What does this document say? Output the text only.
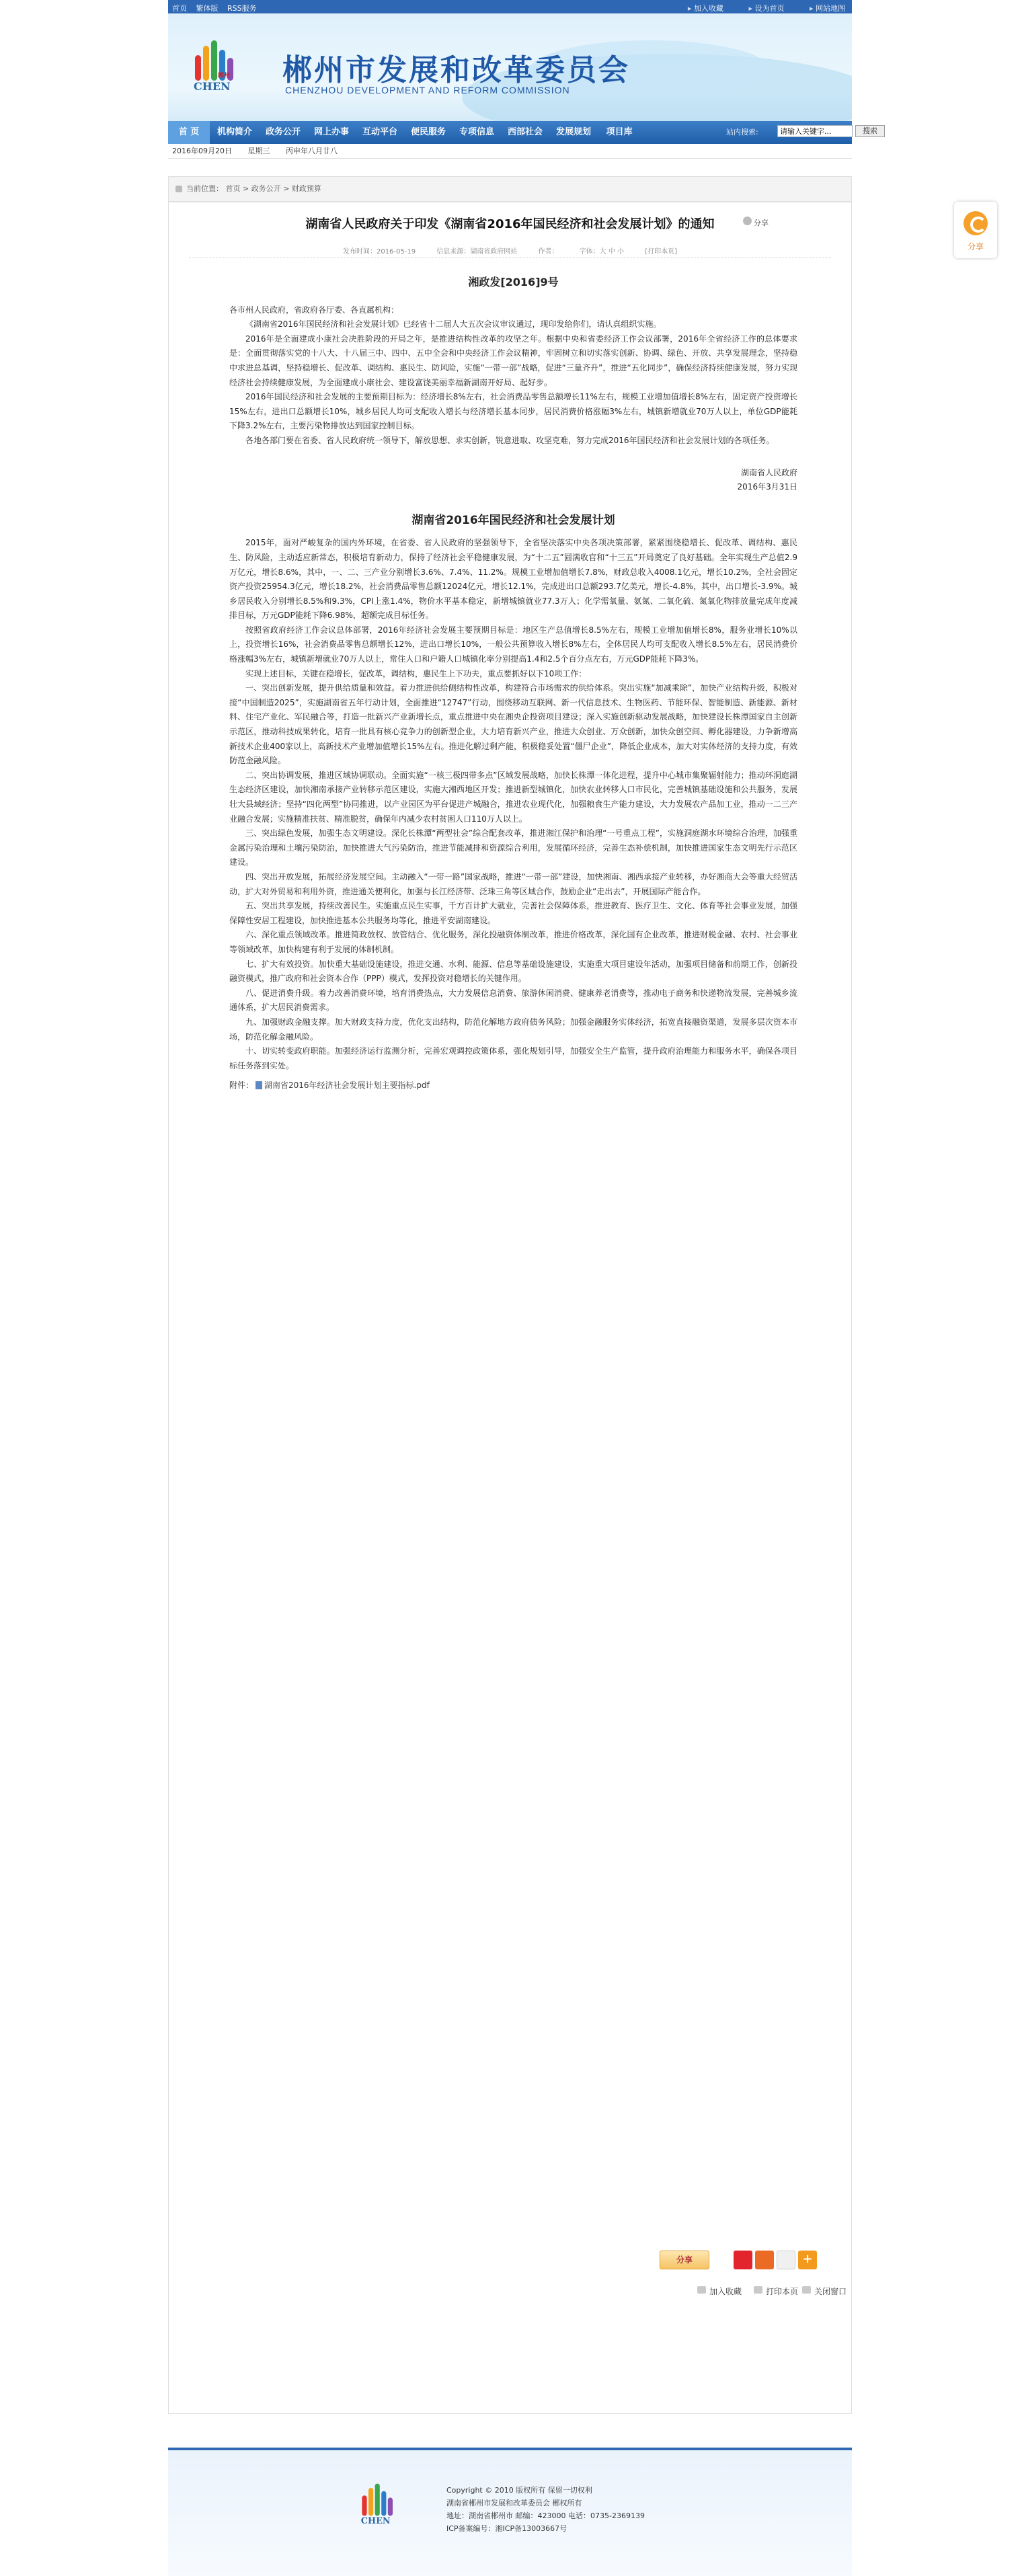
首页 繁体版 RSS服务	▸ 加入收藏	▸ 设为首页	▸ 网站地图
CHEN
郴州 郴州市发展和改革委员会
CHENZHOU DEVELOPMENT AND REFORM COMMISSION
首 页	机构简介	政务公开	网上办事	互动平台	便民服务	专项信息	西部社会	发展规划	项目库	站内搜索:
请输入关键字...	搜索
2016年09月20日 星期三 丙申年八月廿八
当前位置： 首页 > 政务公开 > 财政预算
湖南省人民政府关于印发《湖南省2016年国民经济和社会发展计划》的通知	分享
发布时间：2016-05-19	信息来源：湖南省政府网站	作者：	字体：大 中 小	[打印本页]

湘政发[2016]9号

各市州人民政府，省政府各厅委、各直属机构：

《湖南省2016年国民经济和社会发展计划》已经省十二届人大五次会议审议通过，现印发给你们，请认真组织实施。

2016年是全面建成小康社会决胜阶段的开局之年，是推进结构性改革的攻坚之年。根据中央和省委经济工作会议部署，2016年全省经济工作的总体要求是：全面贯彻落实党的十八大、十八届三中、四中、五中全会和中央经济工作会议精神，牢固树立和切实落实创新、协调、绿色、开放、共享发展理念，坚持稳中求进总基调，坚持稳增长、促改革、调结构、惠民生、防风险，实施“一带一部”战略，促进“三量齐升”，推进“五化同步”，确保经济持续健康发展，努力实现经济社会持续健康发展，为全面建成小康社会、建设富饶美丽幸福新湖南开好局、起好步。

2016年国民经济和社会发展的主要预期目标为：经济增长8%左右，社会消费品零售总额增长11%左右，规模工业增加值增长8%左右，固定资产投资增长15%左右，进出口总额增长10%，城乡居民人均可支配收入增长与经济增长基本同步，居民消费价格涨幅3%左右，城镇新增就业70万人以上，单位GDP能耗下降3.2%左右，主要污染物排放达到国家控制目标。

各地各部门要在省委、省人民政府统一领导下，解放思想、求实创新，锐意进取、攻坚克难，努力完成2016年国民经济和社会发展计划的各项任务。

湖南省人民政府

2016年3月31日

湖南省2016年国民经济和社会发展计划

2015年，面对严峻复杂的国内外环境，在省委、省人民政府的坚强领导下，全省坚决落实中央各项决策部署，紧紧围绕稳增长、促改革、调结构、惠民生、防风险，主动适应新常态，积极培育新动力，保持了经济社会平稳健康发展，为“十二五”圆满收官和“十三五”开局奠定了良好基础。全年实现生产总值2.9万亿元，增长8.6%，其中，一、二、三产业分别增长3.6%、7.4%、11.2%。规模工业增加值增长7.8%，财政总收入4008.1亿元，增长10.2%，全社会固定资产投资25954.3亿元，增长18.2%，社会消费品零售总额12024亿元，增长12.1%，完成进出口总额293.7亿美元，增长-4.8%，其中，出口增长-3.9%。城乡居民收入分别增长8.5%和9.3%，CPI上涨1.4%，物价水平基本稳定，新增城镇就业77.3万人；化学需氧量、氨氮、二氧化硫、氮氧化物排放量完成年度减排目标，万元GDP能耗下降6.98%，超额完成目标任务。

按照省政府经济工作会议总体部署，2016年经济社会发展主要预期目标是：地区生产总值增长8.5%左右，规模工业增加值增长8%，服务业增长10%以上，投资增长16%，社会消费品零售总额增长12%，进出口增长10%，一般公共预算收入增长8%左右，全体居民人均可支配收入增长8.5%左右，居民消费价格涨幅3%左右，城镇新增就业70万人以上，常住人口和户籍人口城镇化率分别提高1.4和2.5个百分点左右，万元GDP能耗下降3%。

实现上述目标，关键在稳增长，促改革，调结构，惠民生上下功夫，重点要抓好以下10项工作：

一、突出创新发展，提升供给质量和效益。着力推进供给侧结构性改革，构建符合市场需求的供给体系。突出实施“加减乘除”，加快产业结构升级，积极对接“中国制造2025”，实施湖南省五年行动计划，全面推进“12747”行动，围绕移动互联网、新一代信息技术、生物医药、节能环保、智能制造、新能源、新材料、住宅产业化、军民融合等，打造一批新兴产业新增长点，重点推进中央在湘央企投资项目建设；深入实施创新驱动发展战略，加快建设长株潭国家自主创新示范区，推动科技成果转化，培育一批具有核心竞争力的创新型企业，大力培育新兴产业，推进大众创业、万众创新，加快众创空间、孵化器建设，力争新增高新技术企业400家以上，高新技术产业增加值增长15%左右。推进化解过剩产能，积极稳妥处置“僵尸企业”，降低企业成本，加大对实体经济的支持力度，有效防范金融风险。

二、突出协调发展，推进区域协调联动。全面实施“一核三极四带多点”区域发展战略，加快长株潭一体化进程，提升中心城市集聚辐射能力；推动环洞庭湖生态经济区建设，加快湘南承接产业转移示范区建设，实施大湘西地区开发；推进新型城镇化，加快农业转移人口市民化，完善城镇基础设施和公共服务，发展壮大县域经济；坚持“四化两型”协同推进，以产业园区为平台促进产城融合，推进农业现代化，加强粮食生产能力建设，大力发展农产品加工业，推动一二三产业融合发展；实施精准扶贫、精准脱贫，确保年内减少农村贫困人口110万人以上。

三、突出绿色发展，加强生态文明建设。深化长株潭“两型社会”综合配套改革，推进湘江保护和治理“一号重点工程”，实施洞庭湖水环境综合治理，加强重金属污染治理和土壤污染防治，加快推进大气污染防治，推进节能减排和资源综合利用，发展循环经济，完善生态补偿机制，加快推进国家生态文明先行示范区建设。

四、突出开放发展，拓展经济发展空间。主动融入“一带一路”国家战略，推进“一带一部”建设，加快湘南、湘西承接产业转移，办好湘商大会等重大经贸活动，扩大对外贸易和利用外资，推进通关便利化，加强与长江经济带、泛珠三角等区域合作，鼓励企业“走出去”，开展国际产能合作。

五、突出共享发展，持续改善民生。实施重点民生实事，千方百计扩大就业，完善社会保障体系，推进教育、医疗卫生、文化、体育等社会事业发展，加强保障性安居工程建设，加快推进基本公共服务均等化，推进平安湖南建设。

六、深化重点领域改革。推进简政放权、放管结合、优化服务，深化投融资体制改革，推进价格改革，深化国有企业改革，推进财税金融、农村、社会事业等领域改革，加快构建有利于发展的体制机制。

七、扩大有效投资。加快重大基础设施建设，推进交通、水利、能源、信息等基础设施建设，实施重大项目建设年活动，加强项目储备和前期工作，创新投融资模式，推广政府和社会资本合作（PPP）模式，发挥投资对稳增长的关键作用。

八、促进消费升级。着力改善消费环境，培育消费热点，大力发展信息消费、旅游休闲消费、健康养老消费等，推动电子商务和快递物流发展，完善城乡流通体系，扩大居民消费需求。

九、加强财政金融支撑。加大财政支持力度，优化支出结构，防范化解地方政府债务风险；加强金融服务实体经济，拓宽直接融资渠道，发展多层次资本市场，防范化解金融风险。

十、切实转变政府职能。加强经济运行监测分析，完善宏观调控政策体系，强化规划引导，加强安全生产监管，提升政府治理能力和服务水平，确保各项目标任务落到实处。

附件： 湖南省2016年经济社会发展计划主要指标.pdf

分享	+
加入收藏	打印本页 关闭窗口
CHEN
Copyright © 2010 版权所有 保留一切权利
湖南省郴州市发展和改革委员会 郴权所有
地址：湖南省郴州市 邮编：423000 电话：0735-2369139
ICP备案编号：湘ICP备13003667号
分享
